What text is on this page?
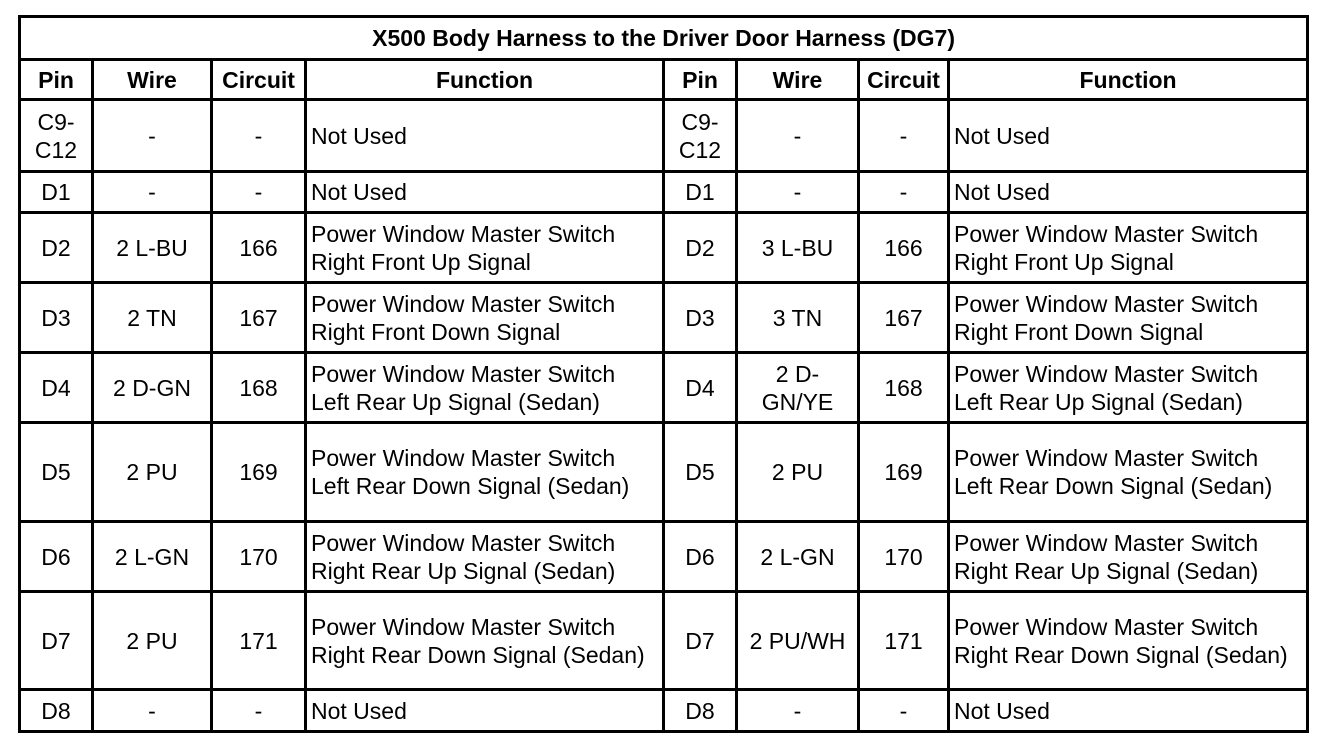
X500 Body Harness to the Driver Door Harness (DG7)							
Pin	Wire	Circuit	Function	Pin	Wire	Circuit	Function
C9-C12	-	-	Not Used	C9-C12	-	-	Not Used
D1	-	-	Not Used	D1	-	-	Not Used
D2	2 L-BU	166	Power Window Master Switch Right Front Up Signal	D2	3 L-BU	166	Power Window Master Switch Right Front Up Signal
D3	2 TN	167	Power Window Master Switch Right Front Down Signal	D3	3 TN	167	Power Window Master Switch Right Front Down Signal
D4	2 D-GN	168	Power Window Master Switch Left Rear Up Signal (Sedan)	D4	2 D-GN/YE	168	Power Window Master Switch Left Rear Up Signal (Sedan)
D5	2 PU	169	Power Window Master Switch Left Rear Down Signal (Sedan)	D5	2 PU	169	Power Window Master Switch Left Rear Down Signal (Sedan)
D6	2 L-GN	170	Power Window Master Switch Right Rear Up Signal (Sedan)	D6	2 L-GN	170	Power Window Master Switch Right Rear Up Signal (Sedan)
D7	2 PU	171	Power Window Master Switch Right Rear Down Signal (Sedan)	D7	2 PU/WH	171	Power Window Master Switch Right Rear Down Signal (Sedan)
D8	-	-	Not Used	D8	-	-	Not Used
